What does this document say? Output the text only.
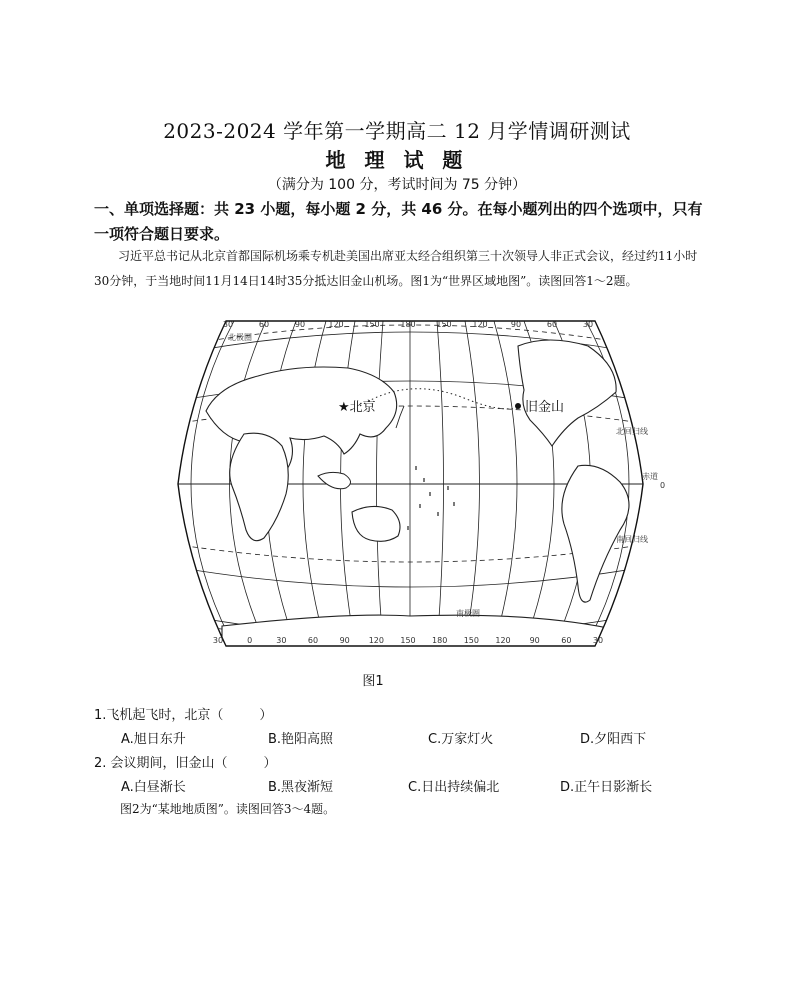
2023-2024 学年第一学期高二 12 月学情调研测试
地 理 试 题
（满分为 100 分，考试时间为 75 分钟）
一、单项选择题：共 23 小题，每小题 2 分，共 46 分。在每小题列出的四个选项中，只有一项符合题日要求。
习近平总书记从北京首都国际机场乘专机赴美国出席亚太经合组织第三十次领导人非正式会议，经过约11小时30分钟，于当地时间11月14日14时35分抵达旧金山机场。图1为“世界区域地图”。读图回答1～2题。
★北京	旧金山
北极圈
北回归线
赤道
0
南回归线
南极圈
30	60	90	120	150	180	150	120	90	60	30
30	0	30	60	90 120 150 180 150 120 90	60	30
图1
1.飞机起飞时，北京（	）
A.旭日东升	B.艳阳高照	C.万家灯火	D.夕阳西下
2. 会议期间，旧金山（	）
A.白昼渐长	B.黑夜渐短	C.日出持续偏北	D.正午日影渐长
图2为“某地地质图”。读图回答3～4题。
